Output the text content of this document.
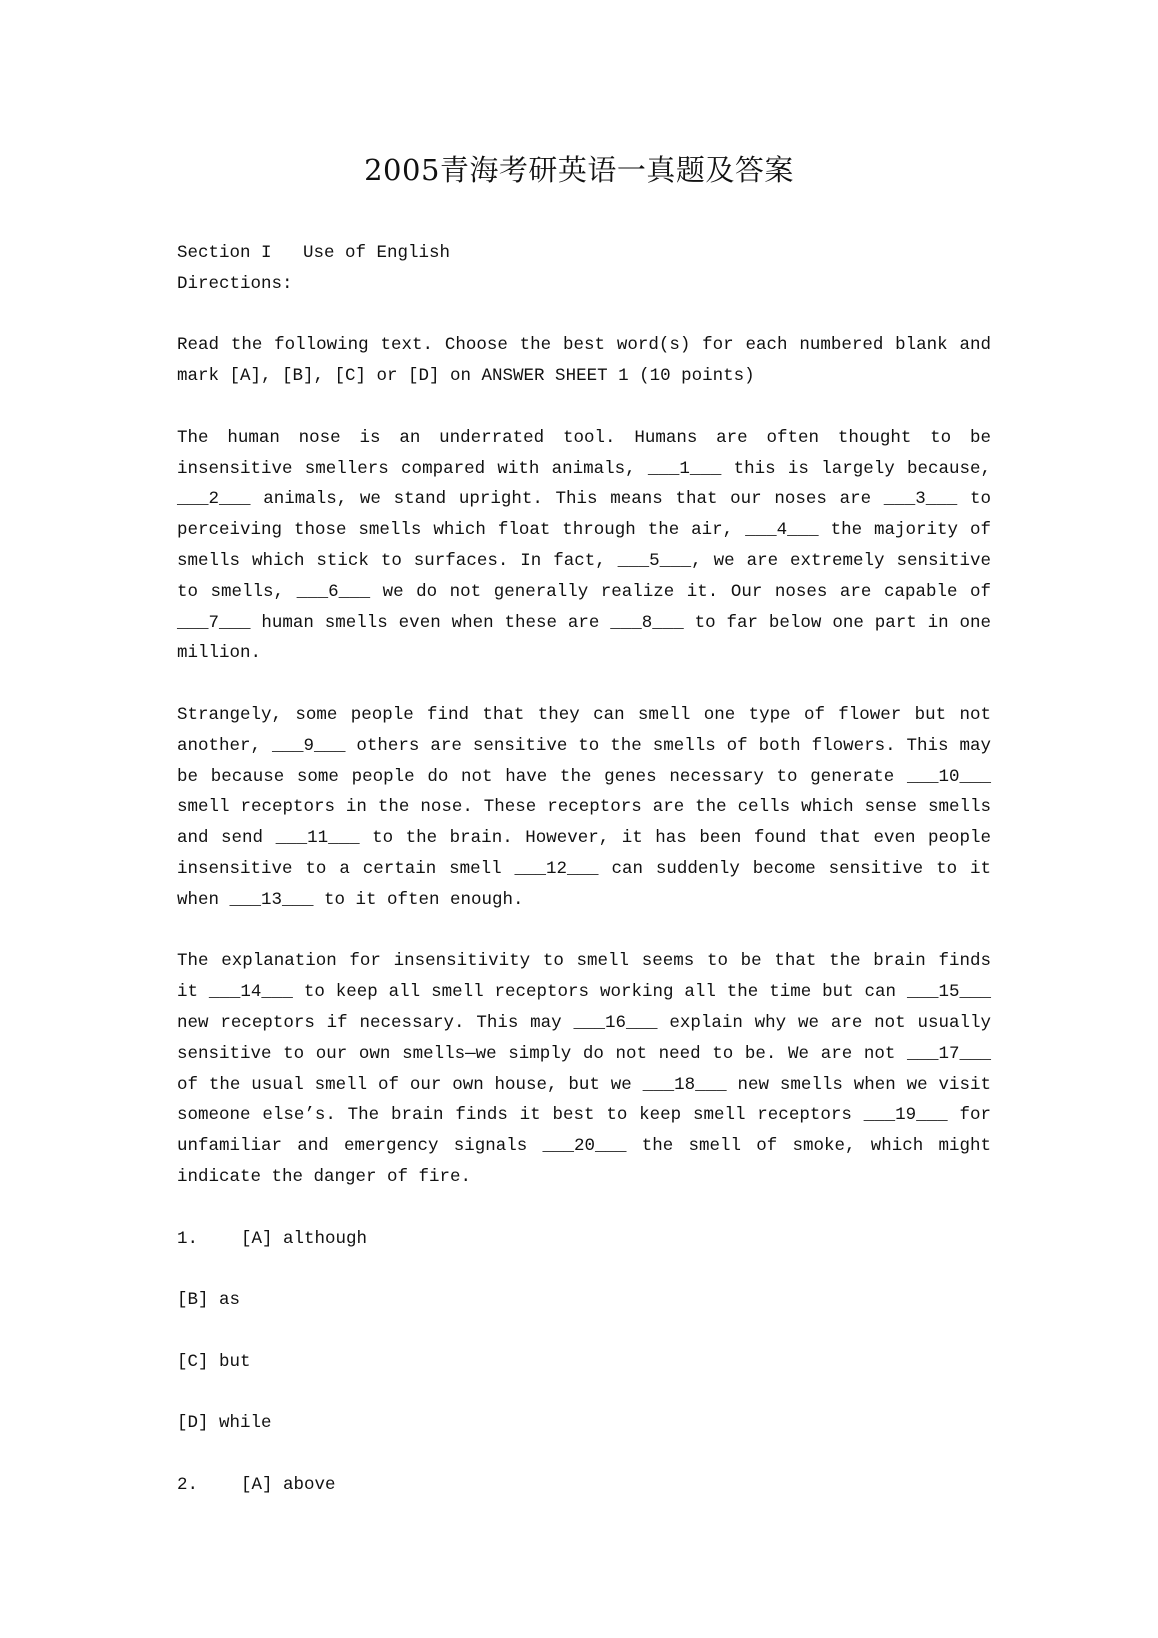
2005青海考研英语一真题及答案

Section I   Use of English

Directions:

Read the following text. Choose the best word(s) for each numbered blank and mark [A], [B], [C] or [D] on ANSWER SHEET 1 (10 points)

The human nose is an underrated tool. Humans are often thought to be insensitive smellers compared with animals, ___1___ this is largely because, ___2___ animals, we stand upright. This means that our noses are ___3___ to perceiving those smells which float through the air, ___4___ the majority of smells which stick to surfaces. In fact, ___5___, we are extremely sensitive to smells, ___6___ we do not generally realize it. Our noses are capable of ___7___ human smells even when these are ___8___ to far below one part in one million.

Strangely, some people find that they can smell one type of flower but not another, ___9___ others are sensitive to the smells of both flowers. This may be because some people do not have the genes necessary to generate ___10___ smell receptors in the nose. These receptors are the cells which sense smells and send ___11___ to the brain. However, it has been found that even people insensitive to a certain smell ___12___ can suddenly become sensitive to it when ___13___ to it often enough.

The explanation for insensitivity to smell seems to be that the brain finds it ___14___ to keep all smell receptors working all the time but can ___15___ new receptors if necessary. This may ___16___ explain why we are not usually sensitive to our own smells—we simply do not need to be. We are not ___17___ of the usual smell of our own house, but we ___18___ new smells when we visit someone else’s. The brain finds it best to keep smell receptors ___19___ for unfamiliar and emergency signals ___20___ the smell of smoke, which might indicate the danger of fire.

1. [A] although

[B] as

[C] but

[D] while

2. [A] above
